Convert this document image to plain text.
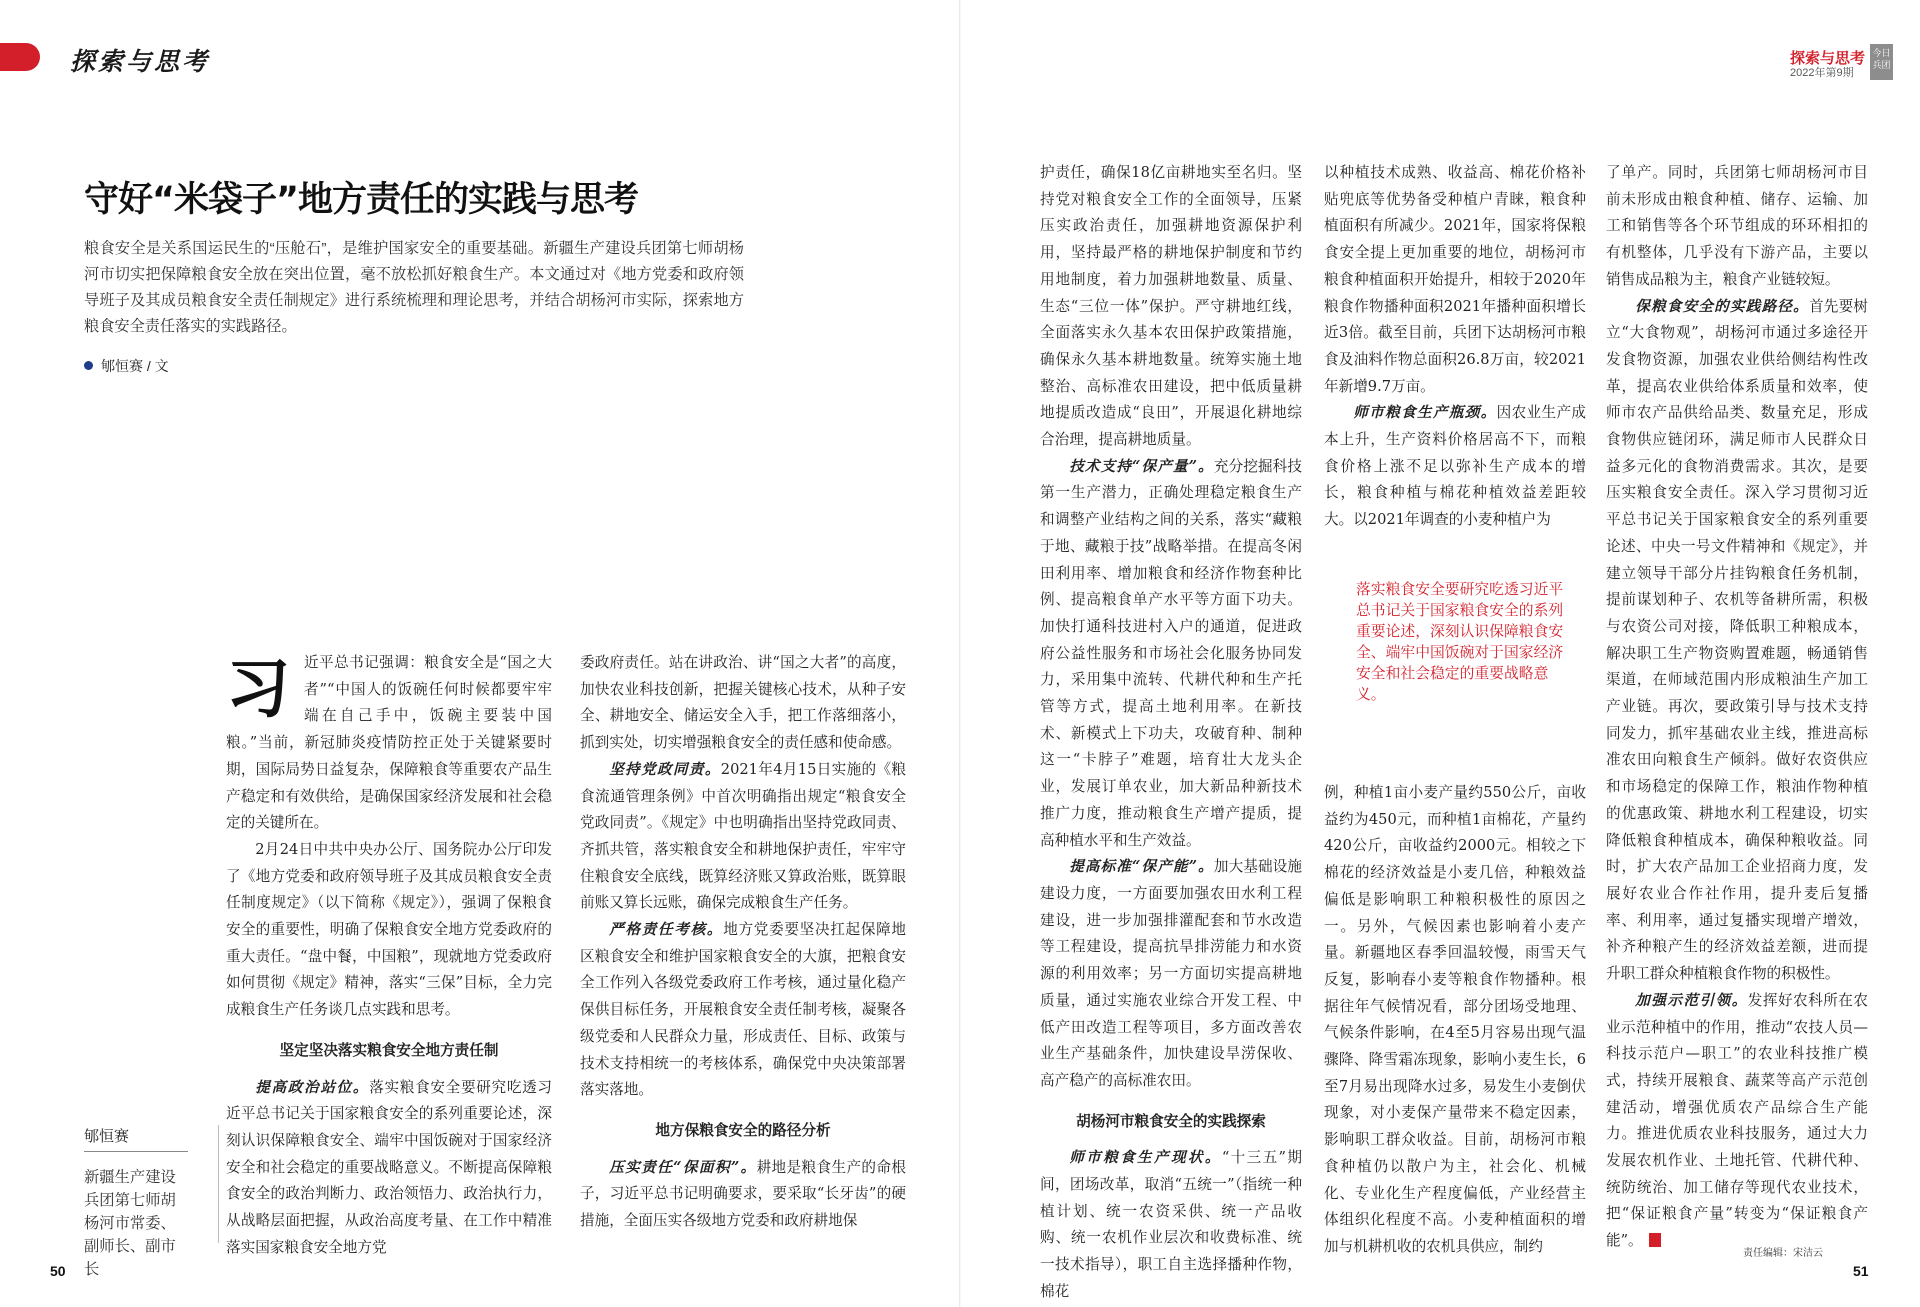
探索与思考	探索与思考
2022年第9期
今日 兵团
守好“米袋子”地方责任的实践与思考
粮食安全是关系国运民生的“压舱石”，是维护国家安全的重要基础。新疆生产建设兵团第七师胡杨河市切实把保障粮食安全放在突出位置，毫不放松抓好粮食生产。本文通过对《地方党委和政府领导班子及其成员粮食安全责任制规定》进行系统梳理和理论思考，并结合胡杨河市实际，探索地方粮食安全责任落实的实践路径。
郇恒赛 / 文

习近平总书记强调：粮食安全是“国之大者”“中国人的饭碗任何时候都要牢牢端在自己手中，饭碗主要装中国粮。”当前，新冠肺炎疫情防控正处于关键紧要时期，国际局势日益复杂，保障粮食等重要农产品生产稳定和有效供给，是确保国家经济发展和社会稳定的关键所在。

2月24日中共中央办公厅、国务院办公厅印发了《地方党委和政府领导班子及其成员粮食安全责任制度规定》（以下简称《规定》），强调了保粮食安全的重要性，明确了保粮食安全地方党委政府的重大责任。“盘中餐，中国粮”，现就地方党委政府如何贯彻《规定》精神，落实“三保”目标，全力完成粮食生产任务谈几点实践和思考。

坚定坚决落实粮食安全地方责任制

提高政治站位。落实粮食安全要研究吃透习近平总书记关于国家粮食安全的系列重要论述，深刻认识保障粮食安全、端牢中国饭碗对于国家经济安全和社会稳定的重要战略意义。不断提高保障粮食安全的政治判断力、政治领悟力、政治执行力，从战略层面把握，从政治高度考量、在工作中精准落实国家粮食安全地方党

郇恒赛
新疆生产建设兵团第七师胡杨河市常委、副师长、副市长

委政府责任。站在讲政治、讲“国之大者”的高度，加快农业科技创新，把握关键核心技术，从种子安全、耕地安全、储运安全入手，把工作落细落小，抓到实处，切实增强粮食安全的责任感和使命感。

坚持党政同责。2021年4月15日实施的《粮食流通管理条例》中首次明确指出规定“粮食安全党政同责”。《规定》中也明确指出坚持党政同责、齐抓共管，落实粮食安全和耕地保护责任，牢牢守住粮食安全底线，既算经济账又算政治账，既算眼前账又算长远账，确保完成粮食生产任务。

严格责任考核。地方党委要坚决扛起保障地区粮食安全和维护国家粮食安全的大旗，把粮食安全工作列入各级党委政府工作考核，通过量化稳产保供目标任务，开展粮食安全责任制考核，凝聚各级党委和人民群众力量，形成责任、目标、政策与技术支持相统一的考核体系，确保党中央决策部署落实落地。

地方保粮食安全的路径分析

压实责任“保面积”。耕地是粮食生产的命根子，习近平总书记明确要求，要采取“长牙齿”的硬措施，全面压实各级地方党委和政府耕地保

护责任，确保18亿亩耕地实至名归。坚持党对粮食安全工作的全面领导，压紧压实政治责任，加强耕地资源保护利用，坚持最严格的耕地保护制度和节约用地制度，着力加强耕地数量、质量、生态“三位一体”保护。严守耕地红线，全面落实永久基本农田保护政策措施，确保永久基本耕地数量。统筹实施土地整治、高标准农田建设，把中低质量耕地提质改造成“良田”，开展退化耕地综合治理，提高耕地质量。

技术支持“保产量”。充分挖掘科技第一生产潜力，正确处理稳定粮食生产和调整产业结构之间的关系，落实“藏粮于地、藏粮于技”战略举措。在提高冬闲田利用率、增加粮食和经济作物套种比例、提高粮食单产水平等方面下功夫。加快打通科技进村入户的通道，促进政府公益性服务和市场社会化服务协同发力，采用集中流转、代耕代种和生产托管等方式，提高土地利用率。在新技术、新模式上下功夫，攻破育种、制种这一“卡脖子”难题，培育壮大龙头企业，发展订单农业，加大新品种新技术推广力度，推动粮食生产增产提质，提高种植水平和生产效益。

提高标准“保产能”。加大基础设施建设力度，一方面要加强农田水利工程建设，进一步加强排灌配套和节水改造等工程建设，提高抗旱排涝能力和水资源的利用效率；另一方面切实提高耕地质量，通过实施农业综合开发工程、中低产田改造工程等项目，多方面改善农业生产基础条件，加快建设旱涝保收、高产稳产的高标准农田。

胡杨河市粮食安全的实践探索

师市粮食生产现状。“十三五”期间，团场改革，取消“五统一”（指统一种植计划、统一农资采供、统一产品收购、统一农机作业层次和收费标准、统一技术指导），职工自主选择播种作物，棉花

以种植技术成熟、收益高、棉花价格补贴兜底等优势备受种植户青睐，粮食种植面积有所减少。2021年，国家将保粮食安全提上更加重要的地位，胡杨河市粮食种植面积开始提升，相较于2020年粮食作物播种面积2021年播种面积增长近3倍。截至目前，兵团下达胡杨河市粮食及油料作物总面积26.8万亩，较2021年新增9.7万亩。

师市粮食生产瓶颈。因农业生产成本上升，生产资料价格居高不下，而粮食价格上涨不足以弥补生产成本的增长，粮食种植与棉花种植效益差距较大。以2021年调查的小麦种植户为

落实粮食安全要研究吃透习近平总书记关于国家粮食安全的系列重要论述，深刻认识保障粮食安全、端牢中国饭碗对于国家经济安全和社会稳定的重要战略意义。

例，种植1亩小麦产量约550公斤，亩收益约为450元，而种植1亩棉花，产量约420公斤，亩收益约2000元。相较之下棉花的经济效益是小麦几倍，种粮效益偏低是影响职工种粮积极性的原因之一。另外，气候因素也影响着小麦产量。新疆地区春季回温较慢，雨雪天气反复，影响春小麦等粮食作物播种。根据往年气候情况看，部分团场受地理、气候条件影响，在4至5月容易出现气温骤降、降雪霜冻现象，影响小麦生长，6至7月易出现降水过多，易发生小麦倒伏现象，对小麦保产量带来不稳定因素，影响职工群众收益。目前，胡杨河市粮食种植仍以散户为主，社会化、机械化、专业化生产程度偏低，产业经营主体组织化程度不高。小麦种植面积的增加与机耕机收的农机具供应，制约

了单产。同时，兵团第七师胡杨河市目前未形成由粮食种植、储存、运输、加工和销售等各个环节组成的环环相扣的有机整体，几乎没有下游产品，主要以销售成品粮为主，粮食产业链较短。

保粮食安全的实践路径。首先要树立“大食物观”，胡杨河市通过多途径开发食物资源，加强农业供给侧结构性改革，提高农业供给体系质量和效率，使师市农产品供给品类、数量充足，形成食物供应链闭环，满足师市人民群众日益多元化的食物消费需求。其次，是要压实粮食安全责任。深入学习贯彻习近平总书记关于国家粮食安全的系列重要论述、中央一号文件精神和《规定》，并建立领导干部分片挂钩粮食任务机制，提前谋划种子、农机等备耕所需，积极与农资公司对接，降低职工种粮成本，解决职工生产物资购置难题，畅通销售渠道，在师域范围内形成粮油生产加工产业链。再次，要政策引导与技术支持同发力，抓牢基础农业主线，推进高标准农田向粮食生产倾斜。做好农资供应和市场稳定的保障工作，粮油作物种植的优惠政策、耕地水利工程建设，切实降低粮食种植成本，确保种粮收益。同时，扩大农产品加工企业招商力度，发展好农业合作社作用，提升麦后复播率、利用率，通过复播实现增产增效，补齐种粮产生的经济效益差额，进而提升职工群众种植粮食作物的积极性。

加强示范引领。发挥好农科所在农业示范种植中的作用，推动“农技人员—科技示范户—职工”的农业科技推广模式，持续开展粮食、蔬菜等高产示范创建活动，增强优质农产品综合生产能力。推进优质农业科技服务，通过大力发展农机作业、土地托管、代耕代种、统防统治、加工储存等现代农业技术，把“保证粮食产量”转变为“保证粮食产能”。

50
责任编辑：宋洁云
51
